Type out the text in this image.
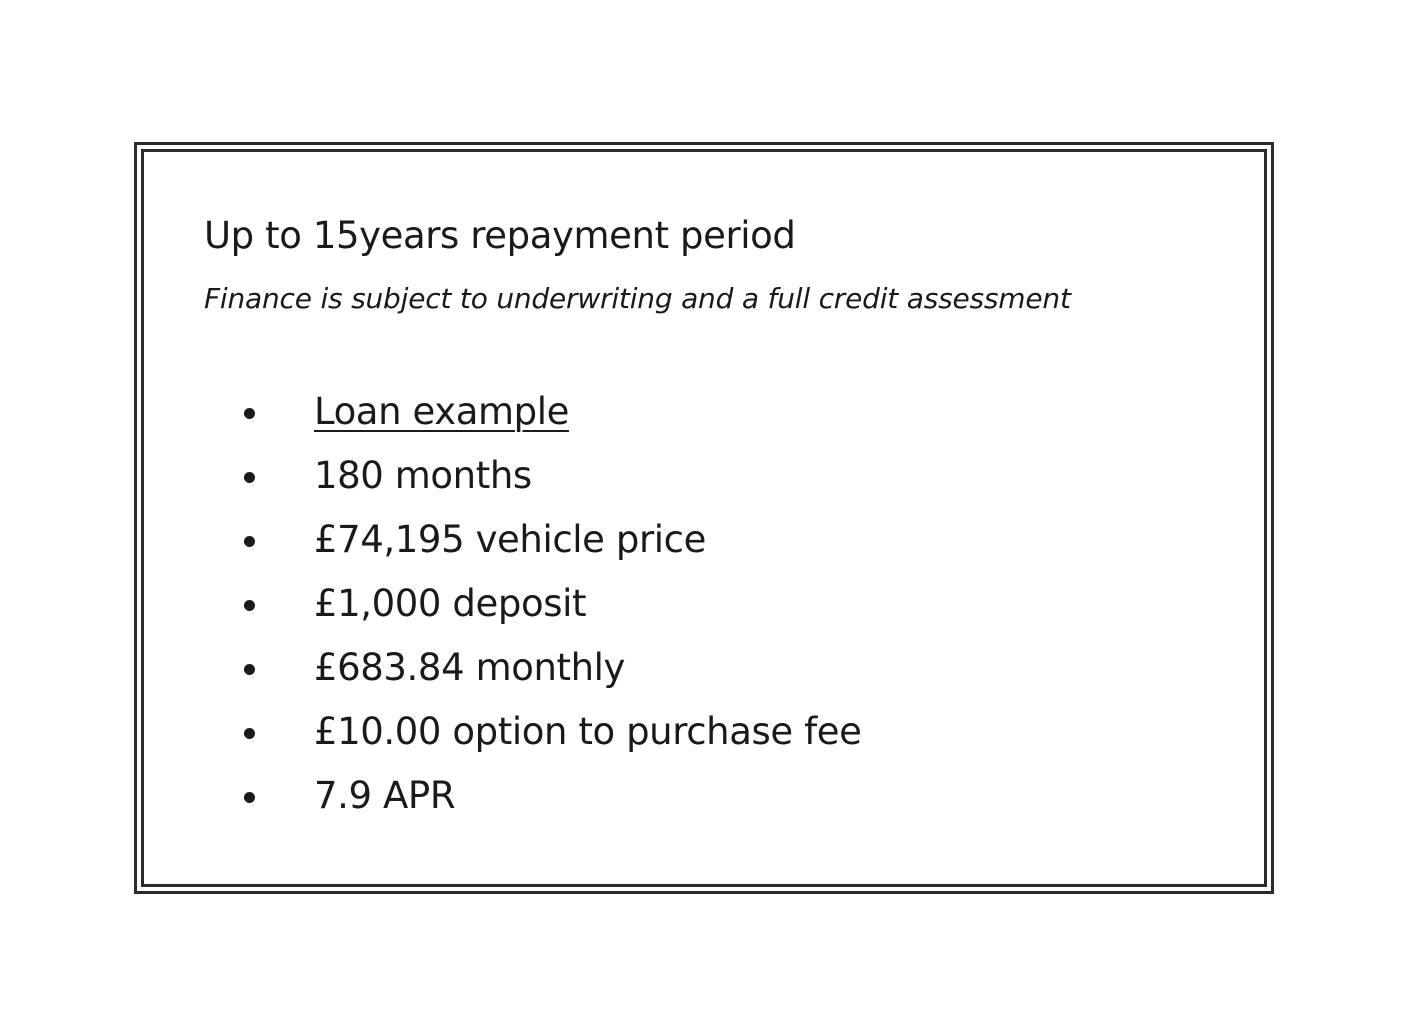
Up to 15years repayment period

Finance is subject to underwriting and a full credit assessment

Loan example
180 months
£74,195 vehicle price
£1,000 deposit
£683.84 monthly
£10.00 option to purchase fee
7.9 APR
